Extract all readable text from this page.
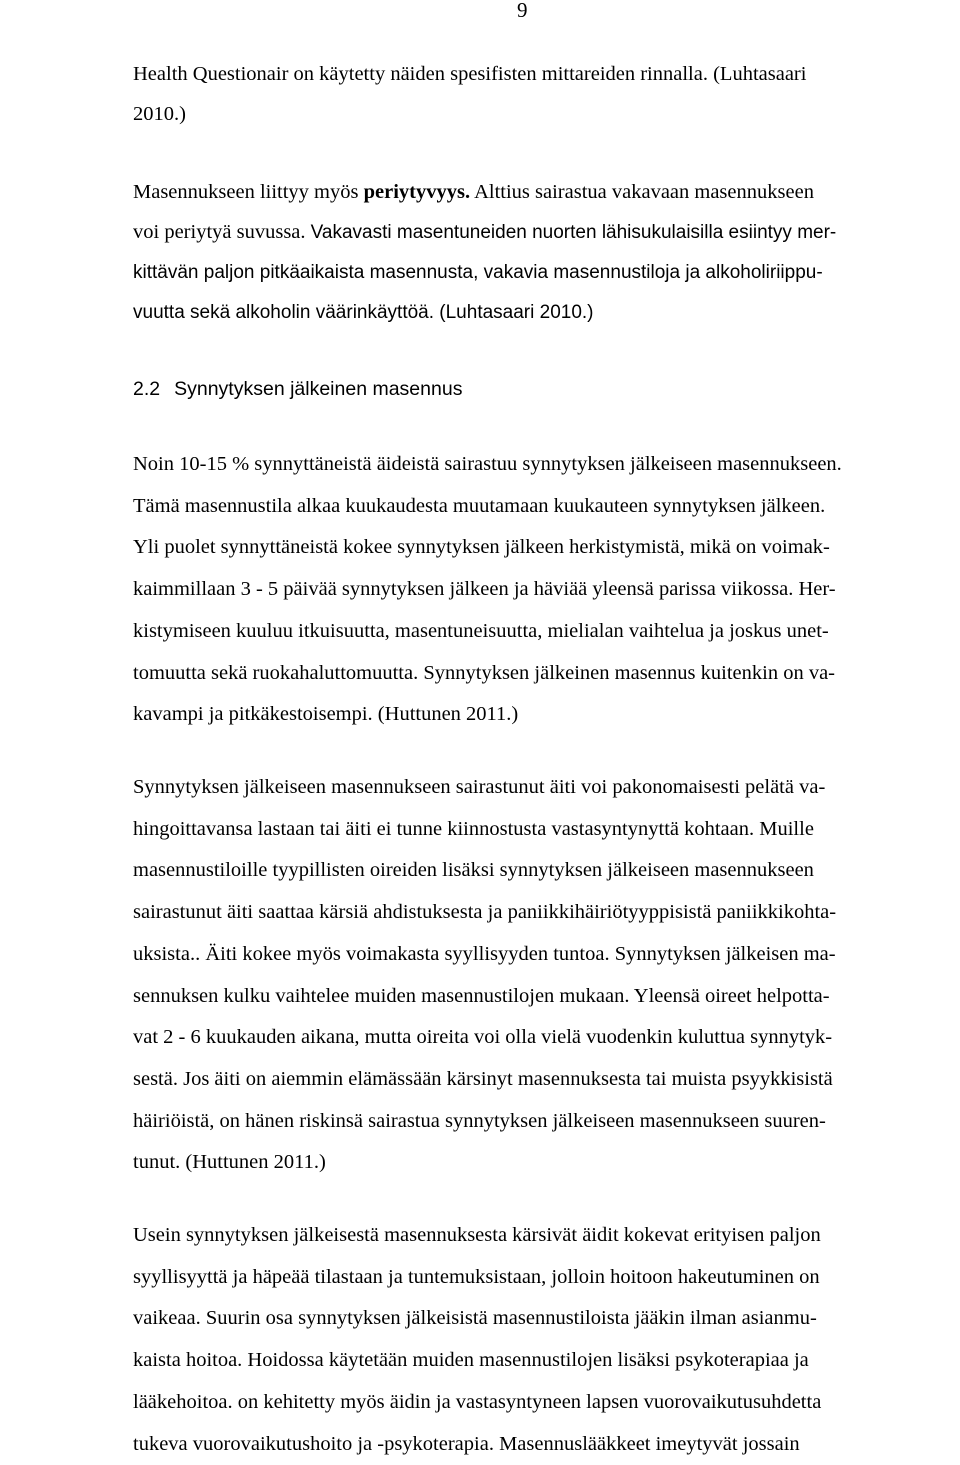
9
Health Questionair on käytetty näiden spesifisten mittareiden rinnalla. (Luhtasaari
2010.)
Masennukseen liittyy myös periytyvyys. Alttius sairastua vakavaan masennukseen
voi periytyä suvussa. Vakavasti masentuneiden nuorten lähisukulaisilla esiintyy mer-
kittävän paljon pitkäaikaista masennusta, vakavia masennustiloja ja alkoholiriippu-
vuutta sekä alkoholin väärinkäyttöä. (Luhtasaari 2010.)
2.2 Synnytyksen jälkeinen masennus
Noin 10-15 % synnyttäneistä äideistä sairastuu synnytyksen jälkeiseen masennukseen.
Tämä masennustila alkaa kuukaudesta muutamaan kuukauteen synnytyksen jälkeen.
Yli puolet synnyttäneistä kokee synnytyksen jälkeen herkistymistä, mikä on voimak-
kaimmillaan 3 - 5 päivää synnytyksen jälkeen ja häviää yleensä parissa viikossa. Her-
kistymiseen kuuluu itkuisuutta, masentuneisuutta, mielialan vaihtelua ja joskus unet-
tomuutta sekä ruokahaluttomuutta. Synnytyksen jälkeinen masennus kuitenkin on va-
kavampi ja pitkäkestoisempi. (Huttunen 2011.)
Synnytyksen jälkeiseen masennukseen sairastunut äiti voi pakonomaisesti pelätä va-
hingoittavansa lastaan tai äiti ei tunne kiinnostusta vastasyntynyttä kohtaan. Muille
masennustiloille tyypillisten oireiden lisäksi synnytyksen jälkeiseen masennukseen
sairastunut äiti saattaa kärsiä ahdistuksesta ja paniikkihäiriötyyppisistä paniikkikohta-
uksista.. Äiti kokee myös voimakasta syyllisyyden tuntoa. Synnytyksen jälkeisen ma-
sennuksen kulku vaihtelee muiden masennustilojen mukaan. Yleensä oireet helpotta-
vat 2 - 6 kuukauden aikana, mutta oireita voi olla vielä vuodenkin kuluttua synnytyk-
sestä. Jos äiti on aiemmin elämässään kärsinyt masennuksesta tai muista psyykkisistä
häiriöistä, on hänen riskinsä sairastua synnytyksen jälkeiseen masennukseen suuren-
tunut. (Huttunen 2011.)
Usein synnytyksen jälkeisestä masennuksesta kärsivät äidit kokevat erityisen paljon
syyllisyyttä ja häpeää tilastaan ja tuntemuksistaan, jolloin hoitoon hakeutuminen on
vaikeaa. Suurin osa synnytyksen jälkeisistä masennustiloista jääkin ilman asianmu-
kaista hoitoa. Hoidossa käytetään muiden masennustilojen lisäksi psykoterapiaa ja
lääkehoitoa. on kehitetty myös äidin ja vastasyntyneen lapsen vuorovaikutusuhdetta
tukeva vuorovaikutushoito ja -psykoterapia. Masennuslääkkeet imeytyvät jossain
